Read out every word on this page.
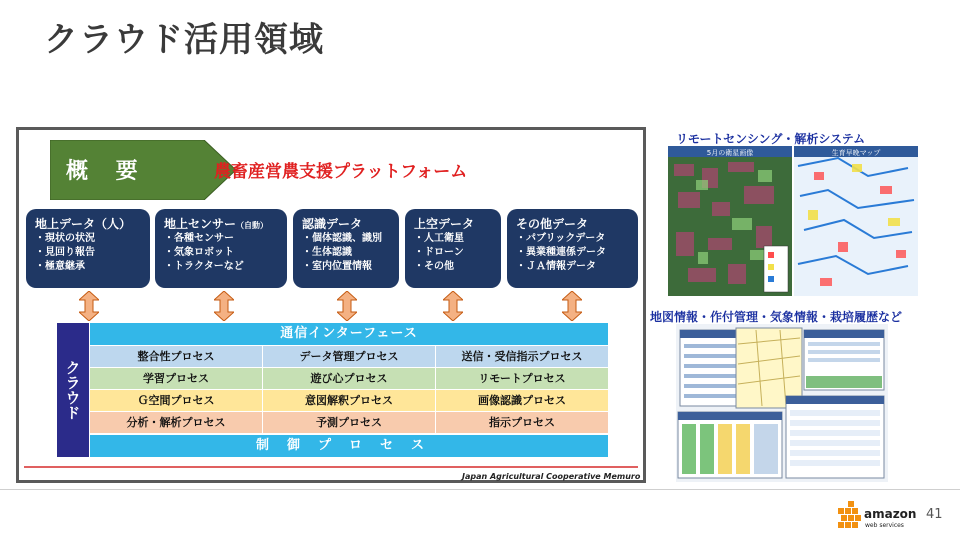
クラウド活用領域
概 要	農畜産営農支援プラットフォーム
地上データ（人）
・現状の状況
・見回り報告
・極意継承
地上センサー（自動）
・各種センサー
・気象ロボット
・トラクターなど
認識データ
・個体認識、識別
・生体認識
・室内位置情報
上空データ
・人工衛星
・ドローン
・その他
その他データ
・パブリックデータ
・異業種連係データ
・ＪＡ情報データ
クラウド
通信インターフェース
整合性プロセス	データ管理プロセス	送信・受信指示プロセス
学習プロセス	遊び心プロセス	リモートプロセス
Ｇ空間プロセス	意図解釈プロセス	画像認識プロセス
分析・解析プロセス	予測プロセス	指示プロセス
制御プロセス
Japan Agricultural Cooperative Memuro
リモートセンシング・解析システム
5月の衛星画像	生育早晩マップ
地図情報・作付管理・気象情報・栽培履歴など
amazon
web services
41
